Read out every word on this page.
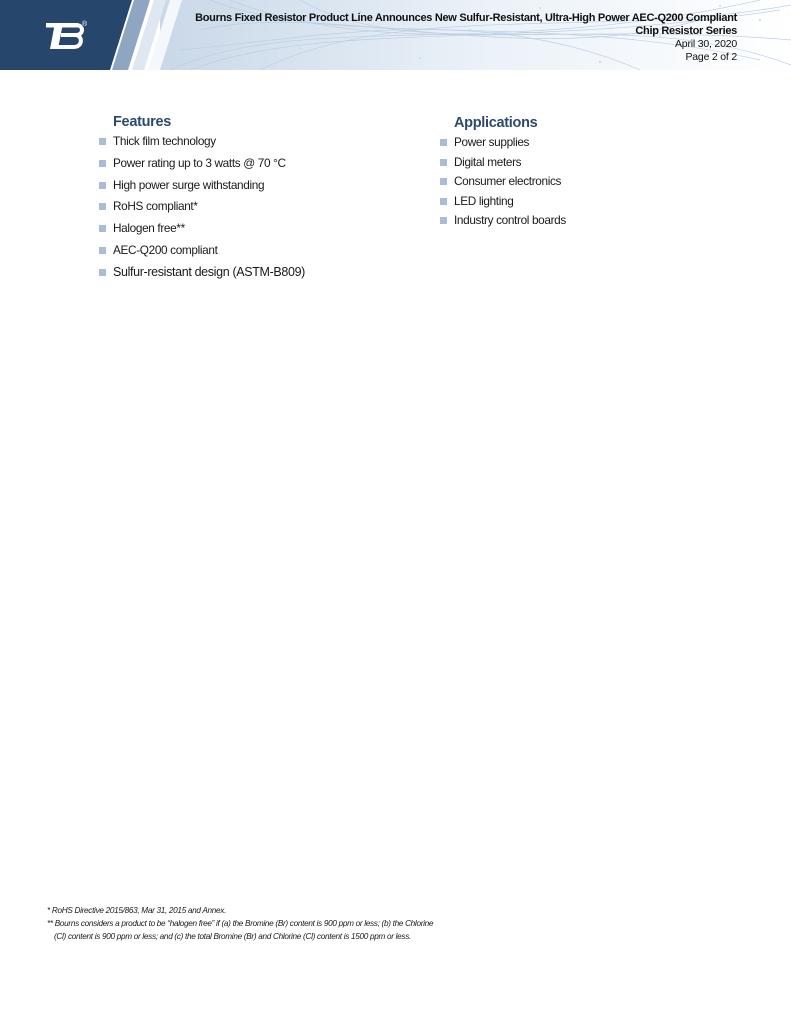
®
Bourns Fixed Resistor Product Line Announces New Sulfur-Resistant, Ultra-High Power AEC-Q200 Compliant
Chip Resistor Series
April 30, 2020
Page 2 of 2
Features
Thick film technology
Power rating up to 3 watts @ 70 °C
High power surge withstanding
RoHS compliant*
Halogen free**
AEC-Q200 compliant
Sulfur-resistant design (ASTM-B809)
Applications
Power supplies
Digital meters
Consumer electronics
LED lighting
Industry control boards
* RoHS Directive 2015/863, Mar 31, 2015 and Annex.
** Bourns considers a product to be “halogen free” if (a) the Bromine (Br) content is 900 ppm or less; (b) the Chlorine
(Cl) content is 900 ppm or less; and (c) the total Bromine (Br) and Chlorine (Cl) content is 1500 ppm or less.
